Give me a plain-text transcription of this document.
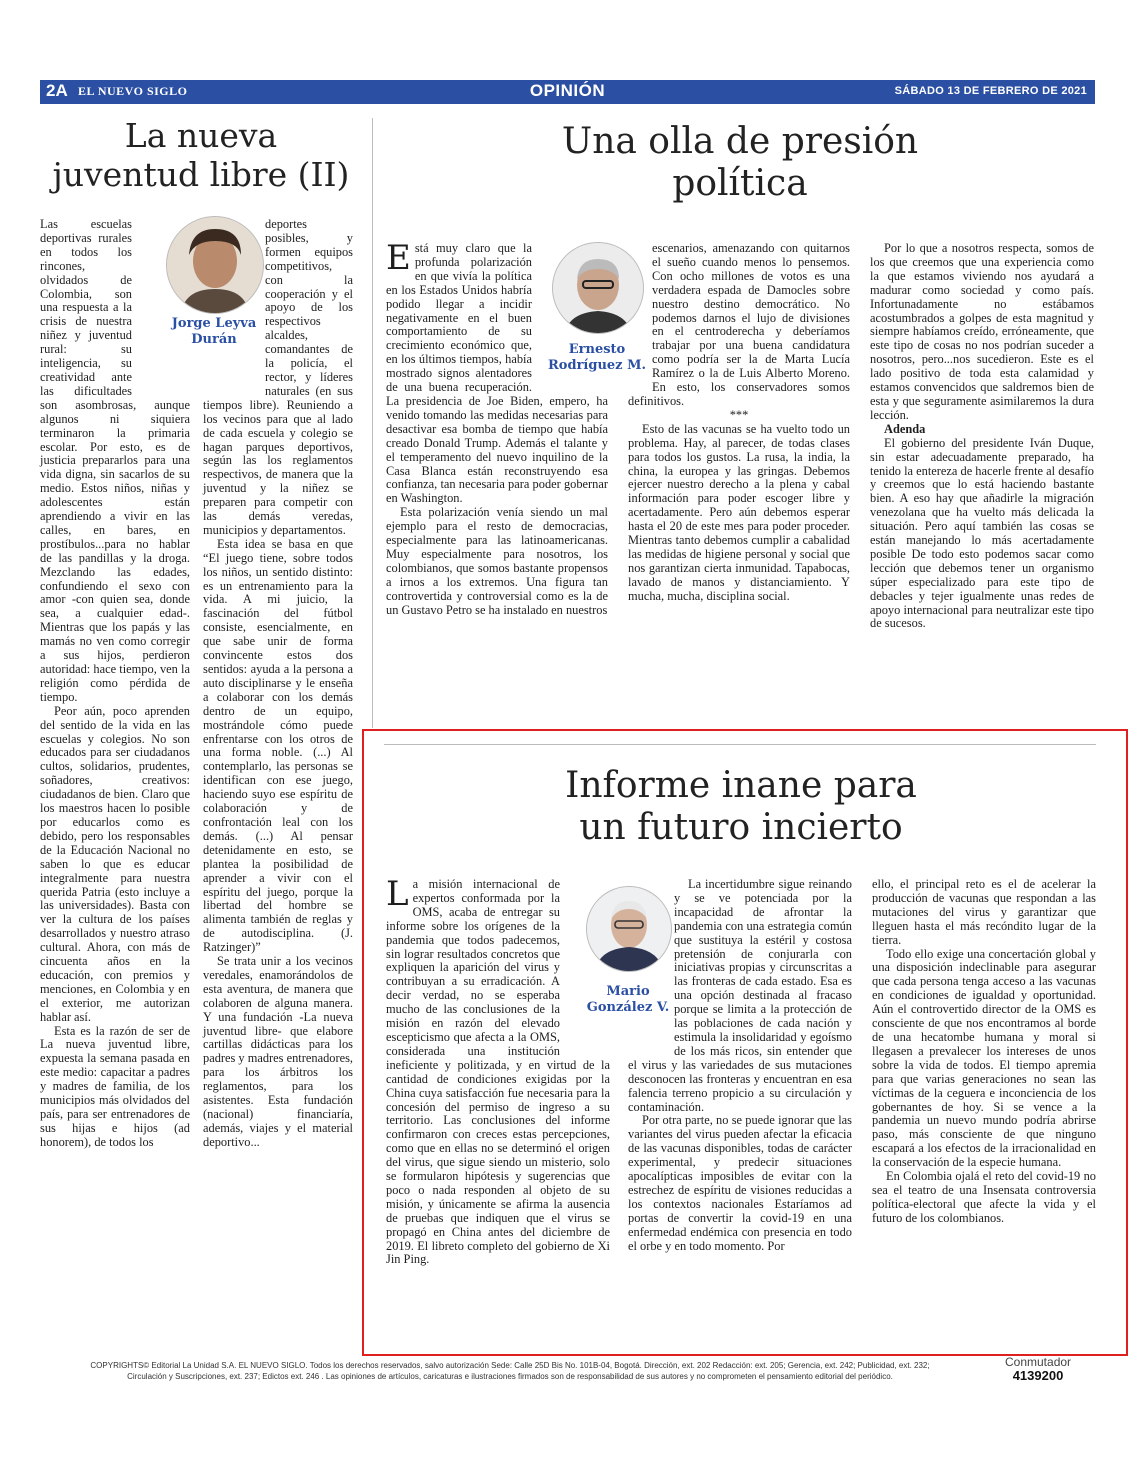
2A EL NUEVO SIGLO	OPINIÓN	SÁBADO 13 DE FEBRERO DE 2021
La nueva
juventud libre (II)
Jorge Leyva
Durán

Las escuelas deportivas rurales en todos los rincones, olvidados de Colombia, son una respuesta a la crisis de nuestra niñez y juventud rural: su inteligencia, su creatividad ante las dificultades son asombrosas, aunque algunos ni siquiera terminaron la primaria escolar. Por esto, es de justicia prepararlos para una vida digna, sin sacarlos de su medio. Estos niños, niñas y adolescentes están aprendiendo a vivir en las calles, en bares, en prostíbulos...para no hablar de las pandillas y la droga. Mezclando las edades, confundiendo el sexo con amor -con quien sea, donde sea, a cualquier edad-. Mientras que los papás y las mamás no ven como corregir a sus hijos, perdieron autoridad: hace tiempo, ven la religión como pérdida de tiempo.

Peor aún, poco aprenden del sentido de la vida en las escuelas y colegios. No son educados para ser ciudadanos cultos, solidarios, prudentes, soñadores, creativos: ciudadanos de bien. Claro que los maestros hacen lo posible por educarlos como es debido, pero los responsables de la Educación Nacional no saben lo que es educar integralmente para nuestra querida Patria (esto incluye a las universidades). Basta con ver la cultura de los países desarrollados y nuestro atraso cultural. Ahora, con más de cincuenta años en la educación, con premios y menciones, en Colombia y en el exterior, me autorizan hablar así.

Esta es la razón de ser de La nueva juventud libre, expuesta la semana pasada en este medio: capacitar a padres y madres de familia, de los municipios más olvidados del país, para ser entrenadores de sus hijas e hijos (ad honorem), de todos los

deportes posibles, y formen equipos competitivos, con la cooperación y el apoyo de los respectivos alcaldes, comandantes de la policía, el rector, y líderes naturales (en sus tiempos libre). Reuniendo a los vecinos para que al lado de cada escuela y colegio se hagan parques deportivos, según las los reglamentos respectivos, de manera que la juventud y la niñez se preparen para competir con las demás veredas, municipios y departamentos.

Esta idea se basa en que “El juego tiene, sobre todos los niños, un sentido distinto: es un entrenamiento para la vida. A mi juicio, la fascinación del fútbol consiste, esencialmente, en que sabe unir de forma convincente estos dos sentidos: ayuda a la persona a auto disciplinarse y le enseña a colaborar con los demás dentro de un equipo, mostrándole cómo puede enfrentarse con los otros de una forma noble. (...) Al contemplarlo, las personas se identifican con ese juego, haciendo suyo ese espíritu de colaboración y de confrontación leal con los demás. (...) Al pensar detenidamente en esto, se plantea la posibilidad de aprender a vivir con el espíritu del juego, porque la libertad del hombre se alimenta también de reglas y de autodisciplina. (J. Ratzinger)”

Se trata unir a los vecinos veredales, enamorándolos de esta aventura, de manera que colaboren de alguna manera. Y una fundación -La nueva juventud libre- que elabore cartillas didácticas para los padres y madres entrenadores, para los árbitros los reglamentos, para los asistentes. Esta fundación (nacional) financiaría, además, viajes y el material deportivo...

Una olla de presión
política
Ernesto
Rodríguez M.

Está muy claro que la profunda polarización en que vivía la política en los Estados Unidos habría podido llegar a incidir negativamente en el buen comportamiento de su crecimiento económico que, en los últimos tiempos, había mostrado signos alentadores de una buena recuperación. La presidencia de Joe Biden, empero, ha venido tomando las medidas necesarias para desactivar esa bomba de tiempo que había creado Donald Trump. Además el talante y el temperamento del nuevo inquilino de la Casa Blanca están reconstruyendo esa confianza, tan necesaria para poder gobernar en Washington.

Esta polarización venía siendo un mal ejemplo para el resto de democracias, especialmente para las latinoamericanas. Muy especialmente para nosotros, los colombianos, que somos bastante propensos a irnos a los extremos. Una figura tan controvertida y controversial como es la de un Gustavo Petro se ha instalado en nuestros

escenarios, amenazando con quitarnos el sueño cuando menos lo pensemos. Con ocho millones de votos es una verdadera espada de Damocles sobre nuestro destino democrático. No podemos darnos el lujo de divisiones en el centroderecha y deberíamos trabajar por una buena candidatura como podría ser la de Marta Lucía Ramírez o la de Luis Alberto Moreno. En esto, los conservadores somos definitivos.

***

Esto de las vacunas se ha vuelto todo un problema. Hay, al parecer, de todas clases para todos los gustos. La rusa, la india, la china, la europea y las gringas. Debemos ejercer nuestro derecho a la plena y cabal información para poder escoger libre y acertadamente. Pero aún debemos esperar hasta el 20 de este mes para poder proceder. Mientras tanto debemos cumplir a cabalidad las medidas de higiene personal y social que nos garantizan cierta inmunidad. Tapabocas, lavado de manos y distanciamiento. Y mucha, mucha, disciplina social.

Por lo que a nosotros respecta, somos de los que creemos que una experiencia como la que estamos viviendo nos ayudará a madurar como sociedad y como país. Infortunadamente no estábamos acostumbrados a golpes de esta magnitud y siempre habíamos creído, erróneamente, que este tipo de cosas no nos podrían suceder a nosotros, pero...nos sucedieron. Este es el lado positivo de toda esta calamidad y estamos convencidos que saldremos bien de esta y que seguramente asimilaremos la dura lección.

Adenda

El gobierno del presidente Iván Duque, sin estar adecuadamente preparado, ha tenido la entereza de hacerle frente al desafío y creemos que lo está haciendo bastante bien. A eso hay que añadirle la migración venezolana que ha vuelto más delicada la situación. Pero aquí también las cosas se están manejando lo más acertadamente posible De todo esto podemos sacar como lección que debemos tener un organismo súper especializado para este tipo de debacles y tejer igualmente unas redes de apoyo internacional para neutralizar este tipo de sucesos.

Informe inane para
un futuro incierto
Mario
González V.

La misión internacional de expertos conformada por la OMS, acaba de entregar su informe sobre los orígenes de la pandemia que todos padecemos, sin lograr resultados concretos que expliquen la aparición del virus y contribuyan a su erradicación. A decir verdad, no se esperaba mucho de las conclusiones de la misión en razón del elevado escepticismo que afecta a la OMS, considerada una institución ineficiente y politizada, y en virtud de la cantidad de condiciones exigidas por la China cuya satisfacción fue necesaria para la concesión del permiso de ingreso a su territorio. Las conclusiones del informe confirmaron con creces estas percepciones, como que en ellas no se determinó el origen del virus, que sigue siendo un misterio, solo se formularon hipótesis y sugerencias que poco o nada responden al objeto de su misión, y únicamente se afirma la ausencia de pruebas que indiquen que el virus se propagó en China antes del diciembre de 2019. El libreto completo del gobierno de Xi Jin Ping.

La incertidumbre sigue reinando y se ve potenciada por la incapacidad de afrontar la pandemia con una estrategia común que sustituya la estéril y costosa pretensión de conjurarla con iniciativas propias y circunscritas a las fronteras de cada estado. Esa es una opción destinada al fracaso porque se limita a la protección de las poblaciones de cada nación y estimula la insolidaridad y egoísmo de los más ricos, sin entender que el virus y las variedades de sus mutaciones desconocen las fronteras y encuentran en esa falencia terreno propicio a su circulación y contaminación.

Por otra parte, no se puede ignorar que las variantes del virus pueden afectar la eficacia de las vacunas disponibles, todas de carácter experimental, y predecir situaciones apocalípticas imposibles de evitar con la estrechez de espíritu de visiones reducidas a los contextos nacionales Estaríamos ad portas de convertir la covid-19 en una enfermedad endémica con presencia en todo el orbe y en todo momento. Por

ello, el principal reto es el de acelerar la producción de vacunas que respondan a las mutaciones del virus y garantizar que lleguen hasta el más recóndito lugar de la tierra.

Todo ello exige una concertación global y una disposición indeclinable para asegurar que cada persona tenga acceso a las vacunas en condiciones de igualdad y oportunidad. Aún el controvertido director de la OMS es consciente de que nos encontramos al borde de una hecatombe humana y moral si llegasen a prevalecer los intereses de unos sobre la vida de todos. El tiempo apremia para que varias generaciones no sean las víctimas de la ceguera e inconciencia de los gobernantes de hoy. Si se vence a la pandemia un nuevo mundo podría abrirse paso, más consciente de que ninguno escapará a los efectos de la irracionalidad en la conservación de la especie humana.

En Colombia ojalá el reto del covid-19 no sea el teatro de una Insensata controversia política-electoral que afecte la vida y el futuro de los colombianos.

COPYRIGHTS© Editorial La Unidad S.A. EL NUEVO SIGLO. Todos los derechos reservados, salvo autorización Sede: Calle 25D Bis No. 101B-04, Bogotá. Dirección, ext. 202 Redacción: ext. 205; Gerencia, ext. 242; Publicidad, ext. 232;
Circulación y Suscripciones, ext. 237; Edictos ext. 246 . Las opiniones de artículos, caricaturas e ilustraciones firmados son de responsabilidad de sus autores y no comprometen el pensamiento editorial del periódico.
Conmutador
4139200
